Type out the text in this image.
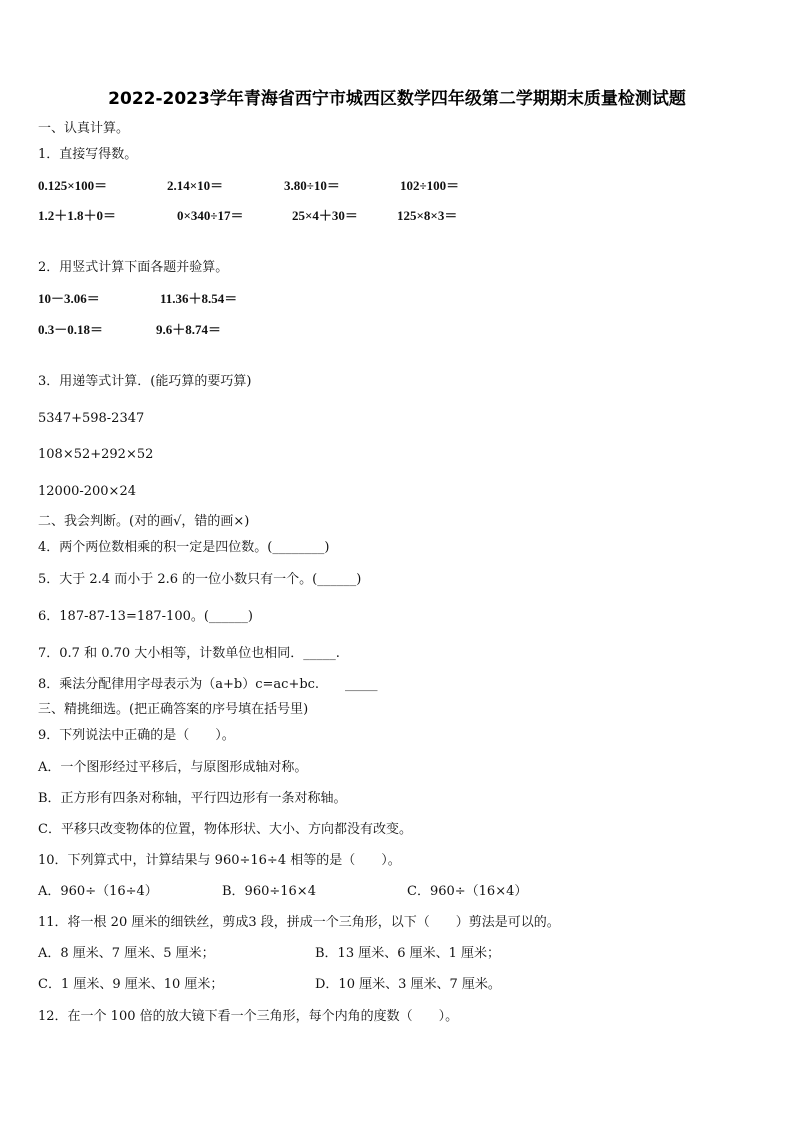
2022-2023学年青海省西宁市城西区数学四年级第二学期期末质量检测试题
一、认真计算。
1．直接写得数。
0.125×100＝	2.14×10＝	3.80÷10＝	102÷100＝
1.2＋1.8＋0＝	0×340÷17＝	25×4＋30＝	125×8×3＝
2．用竖式计算下面各题并验算。
10－3.06＝	11.36＋8.54＝
0.3－0.18＝	9.6＋8.74＝
3．用递等式计算．(能巧算的要巧算)
5347+598-2347
108×52+292×52
12000-200×24
二、我会判断。(对的画√，错的画×)
4．两个两位数相乘的积一定是四位数。(________)
5．大于 2.4 而小于 2.6 的一位小数只有一个。(______)
6．187-87-13=187-100。(______)
7．0.7 和 0.70 大小相等，计数单位也相同．_____.
8．乘法分配律用字母表示为（a+b）c=ac+bc. _____
三、精挑细选。(把正确答案的序号填在括号里)
9．下列说法中正确的是（　　）。
A．一个图形经过平移后，与原图形成轴对称。
B．正方形有四条对称轴，平行四边形有一条对称轴。
C．平移只改变物体的位置，物体形状、大小、方向都没有改变。
10．下列算式中，计算结果与 960÷16÷4 相等的是（　　）。
A．960÷（16÷4）	B．960÷16×4	C．960÷（16×4）
11．将一根 20 厘米的细铁丝，剪成3 段，拼成一个三角形，以下（　　）剪法是可以的。
A．8 厘米、7 厘米、5 厘米；	B．13 厘米、6 厘米、1 厘米；
C．1 厘米、9 厘米、10 厘米；	D．10 厘米、3 厘米、7 厘米。
12．在一个 100 倍的放大镜下看一个三角形，每个内角的度数（　　）。
